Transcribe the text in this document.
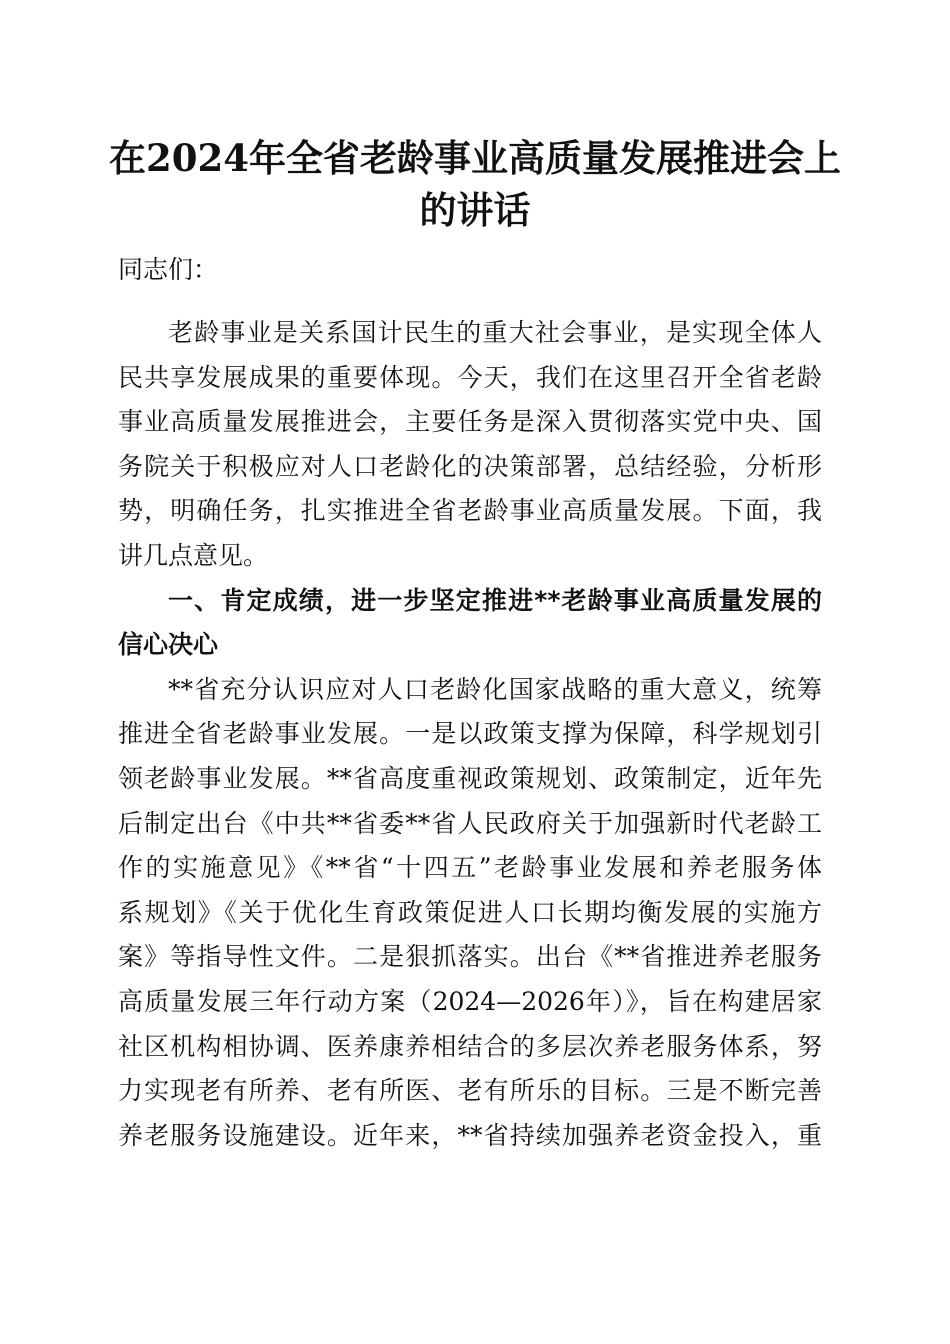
在2024年全省老龄事业高质量发展推进会上
的讲话
同志们：
老龄事业是关系国计民生的重大社会事业，是实现全体人
民共享发展成果的重要体现。今天，我们在这里召开全省老龄
事业高质量发展推进会，主要任务是深入贯彻落实党中央、国
务院关于积极应对人口老龄化的决策部署，总结经验，分析形
势，明确任务，扎实推进全省老龄事业高质量发展。下面，我
讲几点意见。
一、肯定成绩，进一步坚定推进**老龄事业高质量发展的
信心决心
**省充分认识应对人口老龄化国家战略的重大意义，统筹
推进全省老龄事业发展。一是以政策支撑为保障，科学规划引
领老龄事业发展。**省高度重视政策规划、政策制定，近年先
后制定出台《中共**省委**省人民政府关于加强新时代老龄工
作的实施意见》《**省“十四五”老龄事业发展和养老服务体
系规划》《关于优化生育政策促进人口长期均衡发展的实施方
案》等指导性文件。二是狠抓落实。出台《**省推进养老服务
高质量发展三年行动方案（2024—2026年）》，旨在构建居家
社区机构相协调、医养康养相结合的多层次养老服务体系，努
力实现老有所养、老有所医、老有所乐的目标。三是不断完善
养老服务设施建设。近年来，**省持续加强养老资金投入，重
